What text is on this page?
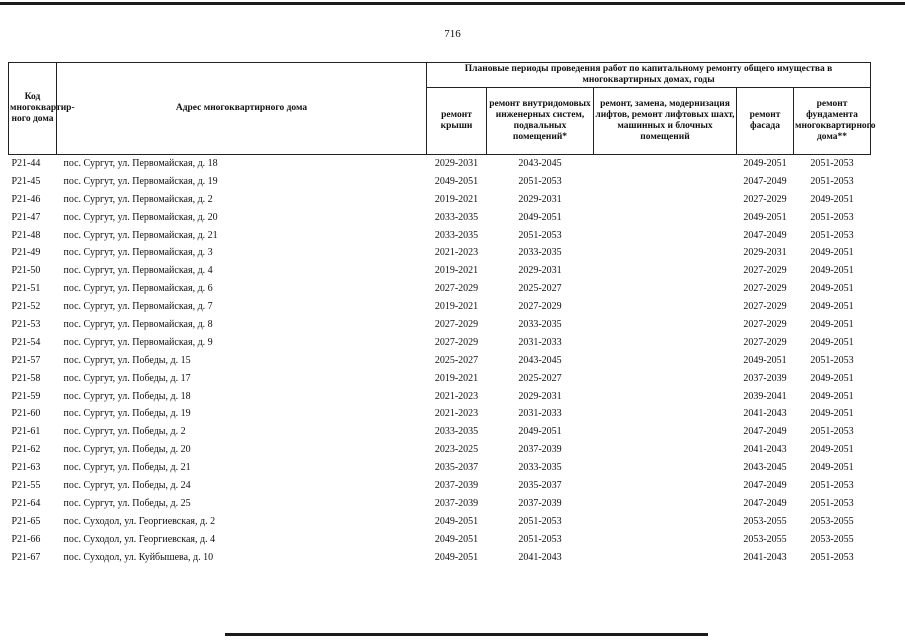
716
Код многоквартир-ного дома	Адрес многоквартирного дома	Плановые периоды проведения работ по капитальному ремонту общего имущества в многоквартирных домах, годы				
		ремонт крыши	ремонт внутридомовых инженерных систем, подвальных помещений*	ремонт, замена, модернизация лифтов, ремонт лифтовых шахт, машинных и блочных помещений	ремонт фасада	ремонт фундамента многоквартирного дома**
Р21-44	пос. Сургут, ул. Первомайская, д. 18	2029-2031	2043-2045		2049-2051	2051-2053
Р21-45	пос. Сургут, ул. Первомайская, д. 19	2049-2051	2051-2053		2047-2049	2051-2053
Р21-46	пос. Сургут, ул. Первомайская, д. 2	2019-2021	2029-2031		2027-2029	2049-2051
Р21-47	пос. Сургут, ул. Первомайская, д. 20	2033-2035	2049-2051		2049-2051	2051-2053
Р21-48	пос. Сургут, ул. Первомайская, д. 21	2033-2035	2051-2053		2047-2049	2051-2053
Р21-49	пос. Сургут, ул. Первомайская, д. 3	2021-2023	2033-2035		2029-2031	2049-2051
Р21-50	пос. Сургут, ул. Первомайская, д. 4	2019-2021	2029-2031		2027-2029	2049-2051
Р21-51	пос. Сургут, ул. Первомайская, д. 6	2027-2029	2025-2027		2027-2029	2049-2051
Р21-52	пос. Сургут, ул. Первомайская, д. 7	2019-2021	2027-2029		2027-2029	2049-2051
Р21-53	пос. Сургут, ул. Первомайская, д. 8	2027-2029	2033-2035		2027-2029	2049-2051
Р21-54	пос. Сургут, ул. Первомайская, д. 9	2027-2029	2031-2033		2027-2029	2049-2051
Р21-57	пос. Сургут, ул. Победы, д. 15	2025-2027	2043-2045		2049-2051	2051-2053
Р21-58	пос. Сургут, ул. Победы, д. 17	2019-2021	2025-2027		2037-2039	2049-2051
Р21-59	пос. Сургут, ул. Победы, д. 18	2021-2023	2029-2031		2039-2041	2049-2051
Р21-60	пос. Сургут, ул. Победы, д. 19	2021-2023	2031-2033		2041-2043	2049-2051
Р21-61	пос. Сургут, ул. Победы, д. 2	2033-2035	2049-2051		2047-2049	2051-2053
Р21-62	пос. Сургут, ул. Победы, д. 20	2023-2025	2037-2039		2041-2043	2049-2051
Р21-63	пос. Сургут, ул. Победы, д. 21	2035-2037	2033-2035		2043-2045	2049-2051
Р21-55	пос. Сургут, ул. Победы, д. 24	2037-2039	2035-2037		2047-2049	2051-2053
Р21-64	пос. Сургут, ул. Победы, д. 25	2037-2039	2037-2039		2047-2049	2051-2053
Р21-65	пос. Суходол, ул. Георгиевская, д. 2	2049-2051	2051-2053		2053-2055	2053-2055
Р21-66	пос. Суходол, ул. Георгиевская, д. 4	2049-2051	2051-2053		2053-2055	2053-2055
Р21-67	пос. Суходол, ул. Куйбышева, д. 10	2049-2051	2041-2043		2041-2043	2051-2053
